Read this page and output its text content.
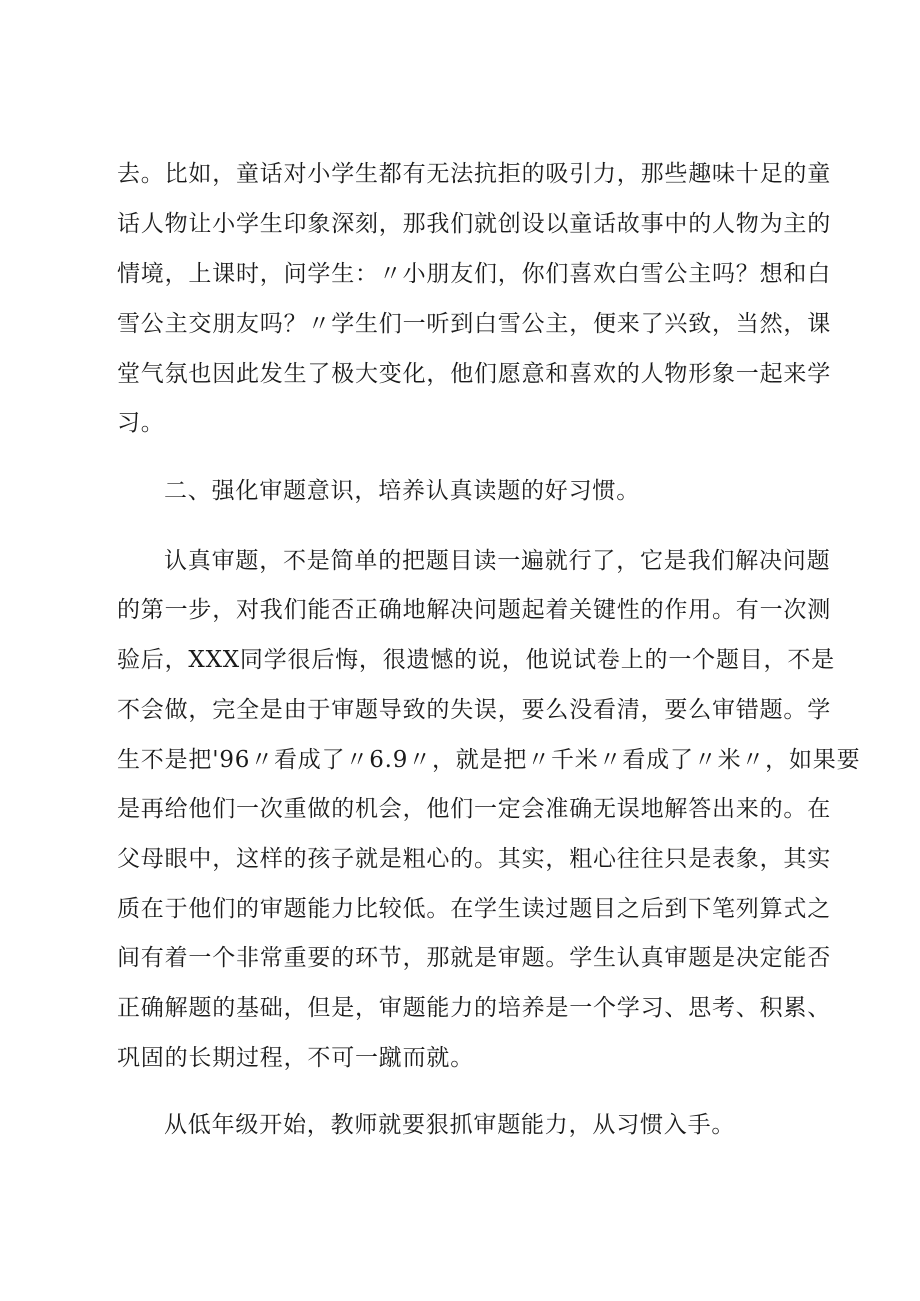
去。比如，童话对小学生都有无法抗拒的吸引力，那些趣味十足的童
话人物让小学生印象深刻，那我们就创设以童话故事中的人物为主的
情境，上课时，问学生：〃小朋友们，你们喜欢白雪公主吗？想和白
雪公主交朋友吗？〃学生们一听到白雪公主，便来了兴致，当然，课
堂气氛也因此发生了极大变化，他们愿意和喜欢的人物形象一起来学
习。
二、强化审题意识，培养认真读题的好习惯。
认真审题，不是简单的把题目读一遍就行了，它是我们解决问题
的第一步，对我们能否正确地解决问题起着关键性的作用。有一次测
验后，XXX同学很后悔，很遗憾的说，他说试卷上的一个题目，不是
不会做，完全是由于审题导致的失误，要么没看清，要么审错题。学
生不是把'96〃看成了〃6.9〃，就是把〃千米〃看成了〃米〃，如果要
是再给他们一次重做的机会，他们一定会准确无误地解答出来的。在
父母眼中，这样的孩子就是粗心的。其实，粗心往往只是表象，其实
质在于他们的审题能力比较低。在学生读过题目之后到下笔列算式之
间有着一个非常重要的环节，那就是审题。学生认真审题是决定能否
正确解题的基础，但是，审题能力的培养是一个学习、思考、积累、
巩固的长期过程，不可一蹴而就。
从低年级开始，教师就要狠抓审题能力，从习惯入手。
